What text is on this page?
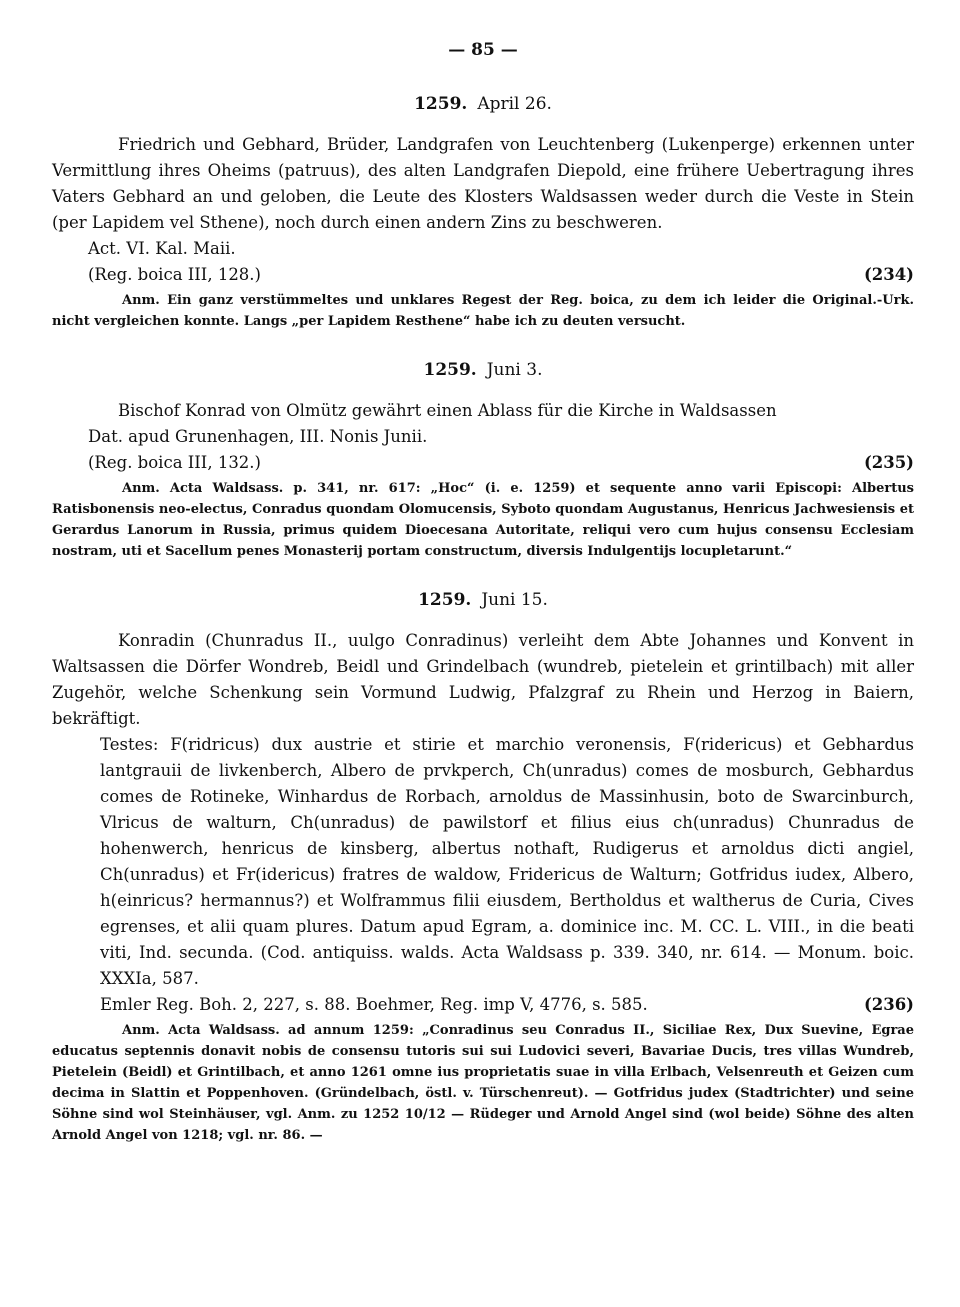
— 85 —
1259. April 26.
Friedrich und Gebhard, Brüder, Landgrafen von Leuchtenberg (Lukenperge) erkennen unter Vermittlung ihres Oheims (patruus), des alten Landgrafen Diepold, eine frühere Uebertragung ihres Vaters Gebhard an und geloben, die Leute des Klosters Waldsassen weder durch die Veste in Stein (per Lapidem vel Sthene), noch durch einen andern Zins zu beschweren.
Act. VI. Kal. Maii.
(Reg. boica III, 128.)	(234)
Anm. Ein ganz verstümmeltes und unklares Regest der Reg. boica, zu dem ich leider die Original.-Urk. nicht vergleichen konnte. Langs „per Lapidem Resthene“ habe ich zu deuten versucht.
1259. Juni 3.
Bischof Konrad von Olmütz gewährt einen Ablass für die Kirche in Waldsassen
Dat. apud Grunenhagen, III. Nonis Junii.
(Reg. boica III, 132.)	(235)
Anm. Acta Waldsass. p. 341, nr. 617: „Hoc“ (i. e. 1259) et sequente anno varii Episcopi: Albertus Ratisbonensis neo-electus, Conradus quondam Olomucensis, Syboto quondam Augustanus, Henricus Jachwesiensis et Gerardus Lanorum in Russia, primus quidem Dioecesana Autoritate, reliqui vero cum hujus consensu Ecclesiam nostram, uti et Sacellum penes Monasterij portam constructum, diversis Indulgentijs locupletarunt.“
1259. Juni 15.
Konradin (Chunradus II., uulgo Conradinus) verleiht dem Abte Johannes und Konvent in Waltsassen die Dörfer Wondreb, Beidl und Grindelbach (wundreb, pietelein et grintilbach) mit aller Zugehör, welche Schenkung sein Vormund Ludwig, Pfalzgraf zu Rhein und Herzog in Baiern, bekräftigt.
Testes: F(ridricus) dux austrie et stirie et marchio veronensis, F(ridericus) et Gebhardus lantgrauii de livkenberch, Albero de prvkperch, Ch(unradus) comes de mosburch, Gebhardus comes de Rotineke, Winhardus de Rorbach, arnoldus de Massinhusin, boto de Swarcinburch, Vlricus de walturn, Ch(unradus) de pawilstorf et filius eius ch(unradus) Chunradus de hohenwerch, henricus de kinsberg, albertus nothaft, Rudigerus et arnoldus dicti angiel, Ch(unradus) et Fr(idericus) fratres de waldow, Fridericus de Walturn; Gotfridus iudex, Albero, h(einricus? hermannus?) et Wolframmus filii eiusdem, Bertholdus et waltherus de Curia, Cives egrenses, et alii quam plures. Datum apud Egram, a. dominice inc. M. CC. L. VIII., in die beati viti, Ind. secunda. (Cod. antiquiss. walds. Acta Waldsass p. 339. 340, nr. 614. — Monum. boic. XXXIa, 587.
Emler Reg. Boh. 2, 227, s. 88. Boehmer, Reg. imp V, 4776, s. 585.	(236)
Anm. Acta Waldsass. ad annum 1259: „Conradinus seu Conradus II., Siciliae Rex, Dux Suevine, Egrae educatus septennis donavit nobis de consensu tutoris sui sui Ludovici severi, Bavariae Ducis, tres villas Wundreb, Pietelein (Beidl) et Grintilbach, et anno 1261 omne ius proprietatis suae in villa Erlbach, Velsenreuth et Geizen cum decima in Slattin et Poppenhoven. (Gründelbach, östl. v. Türschenreut). — Gotfridus judex (Stadtrichter) und seine Söhne sind wol Steinhäuser, vgl. Anm. zu 1252 10/12 — Rüdeger und Arnold Angel sind (wol beide) Söhne des alten Arnold Angel von 1218; vgl. nr. 86. —
